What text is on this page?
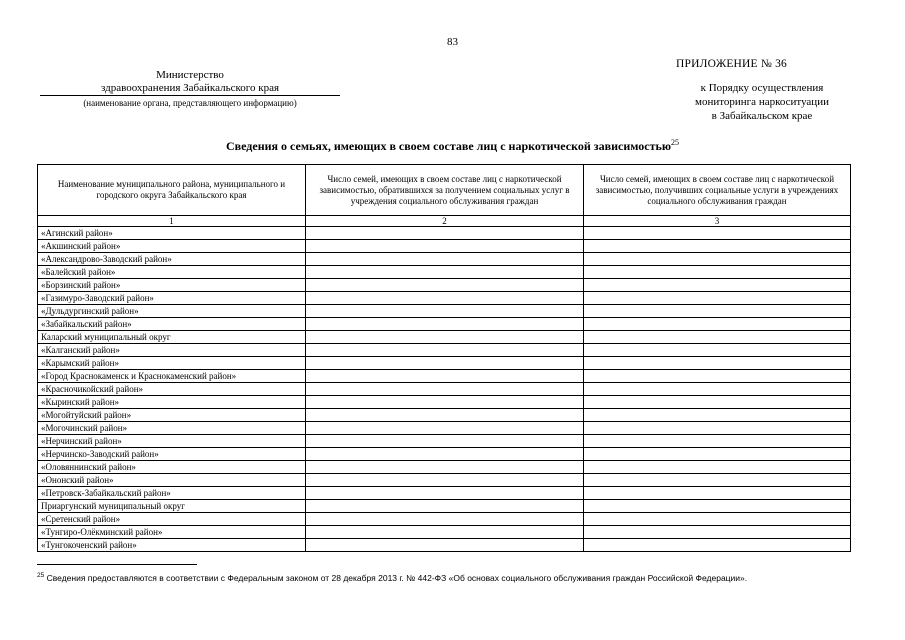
83
ПРИЛОЖЕНИЕ № 36
к Порядку осуществления
мониторинга наркоситуации
в Забайкальском крае
Министерство
здравоохранения Забайкальского края
(наименование органа, представляющего информацию)
Сведения о семьях, имеющих в своем составе лиц с наркотической зависимостью$^{25}$
Наименование муниципального района, муниципального и городского округа Забайкальского края	Число семей, имеющих в своем составе лиц с наркотической зависимостью, обратившихся за получением социальных услуг в учреждения социального обслуживания граждан	Число семей, имеющих в своем составе лиц с наркотической зависимостью, получивших социальные услуги в учреждениях социального обслуживания граждан
1	2	3
«Агинский район»		
«Акшинский район»		
«Александрово-Заводский район»		
«Балейский район»		
«Борзинский район»		
«Газимуро-Заводский район»		
«Дульдургинский район»		
«Забайкальский район»		
Каларский муниципальный округ		
«Калганский район»		
«Карымский район»		
«Город Краснокаменск и Краснокаменский район»		
«Красночикойский район»		
«Кыринский район»		
«Могойтуйский район»		
«Могочинский район»		
«Нерчинский район»		
«Нерчинско-Заводский район»		
«Оловяннинский район»		
«Ононский район»		
«Петровск-Забайкальский район»		
Приаргунский муниципальный округ		
«Сретенский район»		
«Тунгиро-Олёкминский район»		
«Тунгокоченский район»		
$^{25}$ Сведения предоставляются в соответствии с Федеральным законом от 28 декабря 2013 г. № 442-ФЗ «Об основах социального обслуживания граждан Российской Федерации».
